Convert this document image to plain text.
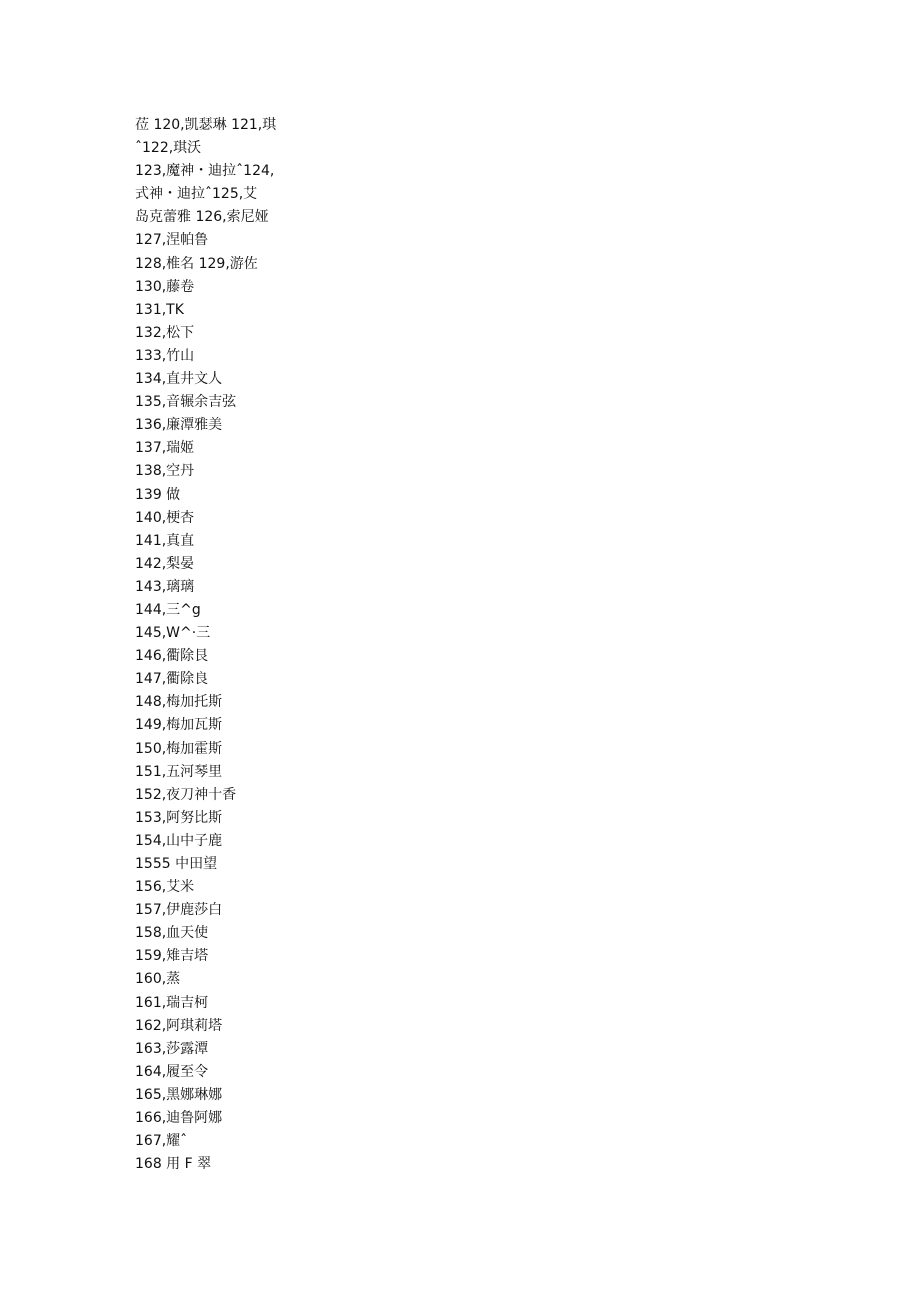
莅 120,凯瑟琳 121,琪
ˆ122,琪沃
123,魔神・迪拉ˆ124,
式神・迪拉ˆ125,艾
岛克蕾雅 126,索尼娅
127,涅帕鲁
128,椎名 129,游佐
130,藤卷
131,TK
132,松下
133,竹山
134,直井文人
135,音辗余吉弦
136,廉潭雅美
137,瑞姬
138,空丹
139 做
140,梗杏
141,真直
142,梨晏
143,璃璃
144,三^g
145,W^·三
146,衢除艮
147,衢除良
148,梅加托斯
149,梅加瓦斯
150,梅加霍斯
151,五河琴里
152,夜刀神十香
153,阿努比斯
154,山中子鹿
1555 中田望
156,艾米
157,伊鹿莎白
158,血天使
159,雉吉塔
160,蒸
161,瑞吉柯
162,阿琪莉塔
163,莎露潭
164,履至令
165,黑娜琳娜
166,迪鲁阿娜
167,耀ˆ
168 用 F 翠
